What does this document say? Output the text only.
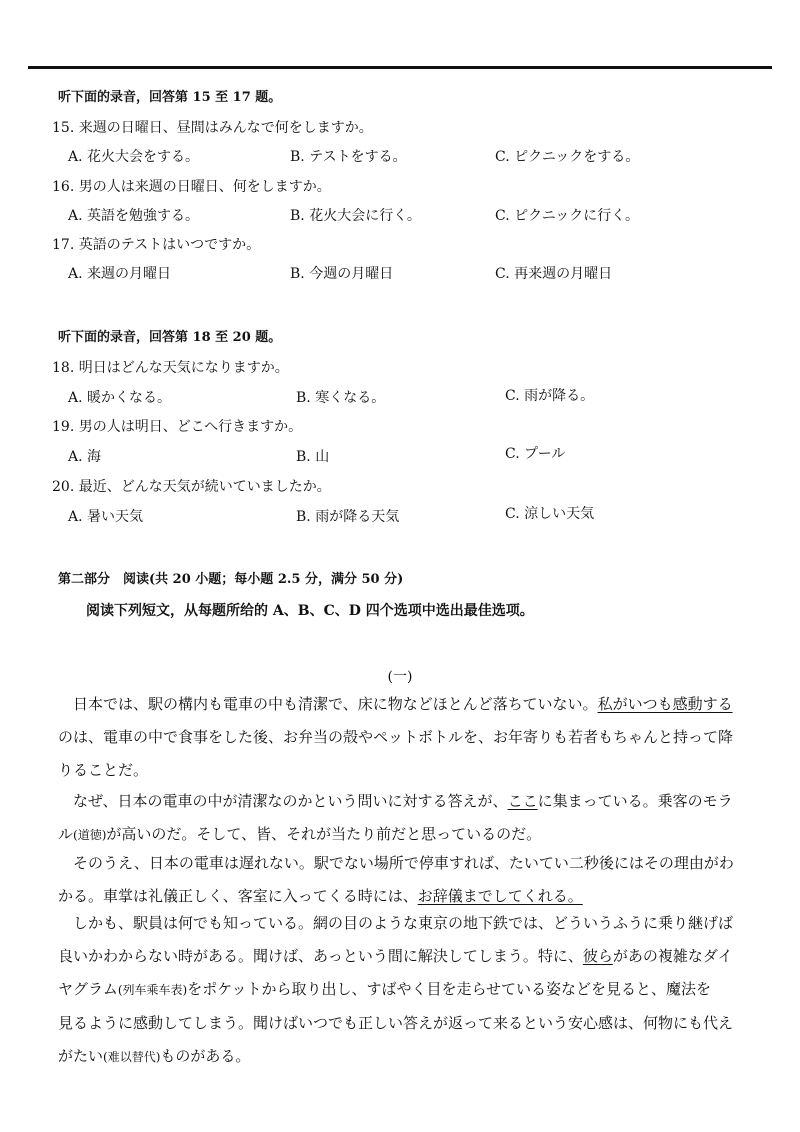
听下面的录音，回答第 15 至 17 题。
15. 来週の日曜日、昼間はみんなで何をしますか。
A. 花火大会をする。	B. テストをする。	C. ピクニックをする。
16. 男の人は来週の日曜日、何をしますか。
A. 英語を勉強する。	B. 花火大会に行く。	C. ピクニックに行く。
17. 英語のテストはいつですか。
A. 来週の月曜日	B. 今週の月曜日	C. 再来週の月曜日
听下面的录音，回答第 18 至 20 题。
18. 明日はどんな天気になりますか。
A. 暖かくなる。	B. 寒くなる。	C. 雨が降る。
19. 男の人は明日、どこへ行きますか。
A. 海	B. 山	C. プール
20. 最近、どんな天気が続いていましたか。
A. 暑い天気	B. 雨が降る天気	C. 涼しい天気
第二部分　阅读(共 20 小题；每小题 2.5 分，满分 50 分)
阅读下列短文，从每题所给的 A、B、C、D 四个选项中选出最佳选项。
(一)
日本では、駅の構内も電車の中も清潔で、床に物などほとんど落ちていない。私がいつも感動する
のは、電車の中で食事をした後、お弁当の殻やペットボトルを、お年寄りも若者もちゃんと持って降
りることだ。
なぜ、日本の電車の中が清潔なのかという問いに対する答えが、ここに集まっている。乗客のモラ
ル(道徳)が高いのだ。そして、皆、それが当たり前だと思っているのだ。
そのうえ、日本の電車は遅れない。駅でない場所で停車すれば、たいてい二秒後にはその理由がわ
かる。車掌は礼儀正しく、客室に入ってくる時には、お辞儀までしてくれる。
しかも、駅員は何でも知っている。網の目のような東京の地下鉄では、どういうふうに乗り継げば
良いかわからない時がある。聞けば、あっという間に解決してしまう。特に、彼らがあの複雑なダイ
ヤグラム(列车乘车表)をポケットから取り出し、すばやく目を走らせている姿などを見ると、魔法を
見るように感動してしまう。聞けばいつでも正しい答えが返って来るという安心感は、何物にも代え
がたい(难以替代)ものがある。
